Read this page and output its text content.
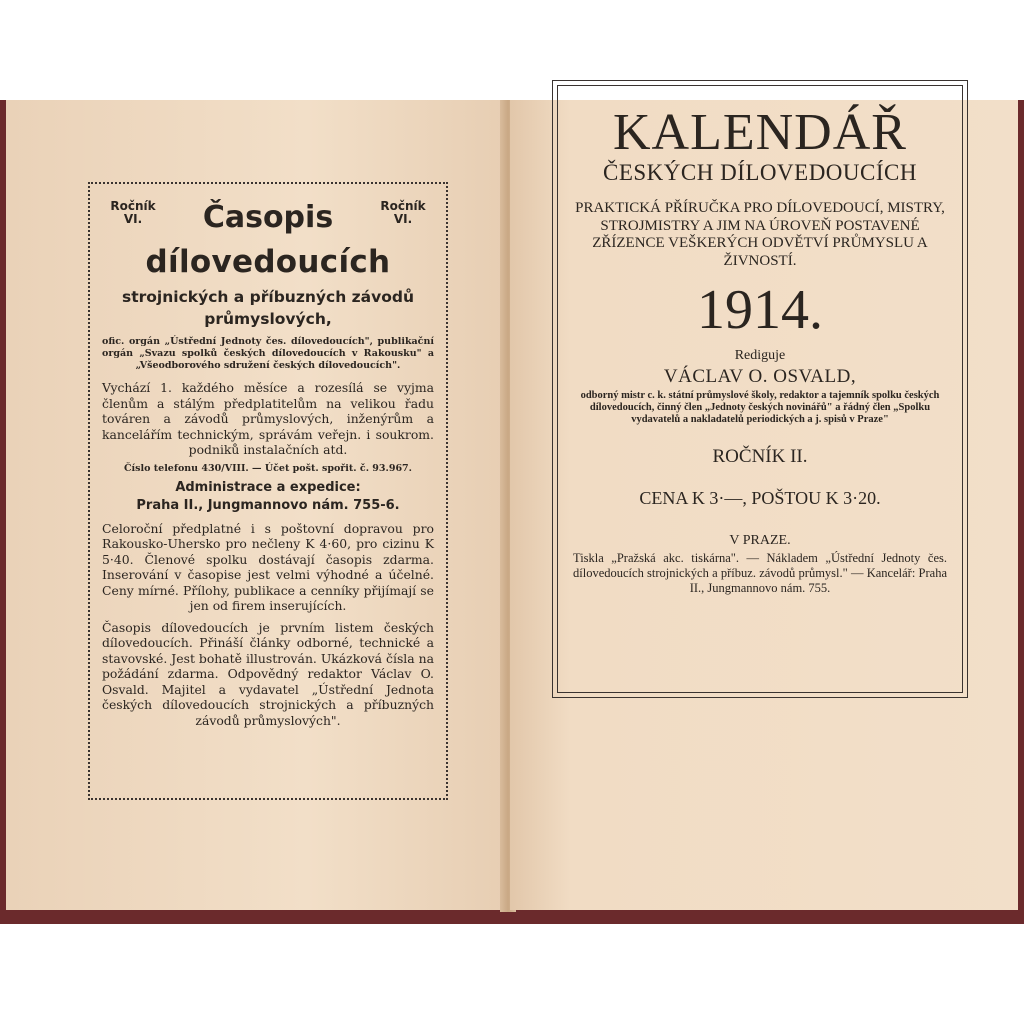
Ročník VI.	Časopis	Ročník VI.
dílovedoucích
strojnických a příbuzných závodů průmyslových,
ofic. orgán „Ústřední Jednoty čes. dílovedoucích", publikační orgán „Svazu spolků českých dílovedoucích v Rakousku" a „Všeodborového sdružení českých dílovedoucích".
Vychází 1. každého měsíce a rozesílá se vyjma členům a stálým předplatitelům na velikou řadu továren a závodů průmyslových, inženýrům a kancelářím technickým, správám veřejn. i soukrom. podniků instalačních atd.
Číslo telefonu 430/VIII. — Účet pošt. spořit. č. 93.967.
Administrace a expedice:
Praha II., Jungmannovo nám. 755-6.
Celoroční předplatné i s poštovní dopravou pro Rakousko-Uhersko pro nečleny K 4·60, pro cizinu K 5·40. Členové spolku dostávají časopis zdarma. Inserování v časopise jest velmi výhodné a účelné. Ceny mírné. Přílohy, publikace a cenníky přijímají se jen od firem inserujících.
Časopis dílovedoucích je prvním listem českých dílovedoucích. Přináší články odborné, technické a stavovské. Jest bohatě illustrován. Ukázková čísla na požádání zdarma. Odpovědný redaktor Václav O. Osvald. Majitel a vydavatel „Ústřední Jednota českých dílovedoucích strojnických a příbuzných závodů průmyslových".
KALENDÁŘ
ČESKÝCH DÍLOVEDOUCÍCH
PRAKTICKÁ PŘÍRUČKA PRO DÍLOVEDOUCÍ, MISTRY, STROJMISTRY A JIM NA ÚROVEŇ POSTAVENÉ ZŘÍZENCE VEŠKERÝCH ODVĚTVÍ PRŮMYSLU A ŽIVNOSTÍ.
1914.
Rediguje
VÁCLAV O. OSVALD,
odborný mistr c. k. státní průmyslové školy, redaktor a tajemník spolku českých dílovedoucích, činný člen „Jednoty českých novinářů" a řádný člen „Spolku vydavatelů a nakladatelů periodických a j. spisů v Praze"
ROČNÍK II.
CENA K 3·—, POŠTOU K 3·20.
V PRAZE.
Tiskla „Pražská akc. tiskárna". — Nákladem „Ústřední Jednoty čes. dílovedoucích strojnických a příbuz. závodů průmysl." — Kancelář: Praha II., Jungmannovo nám. 755.
